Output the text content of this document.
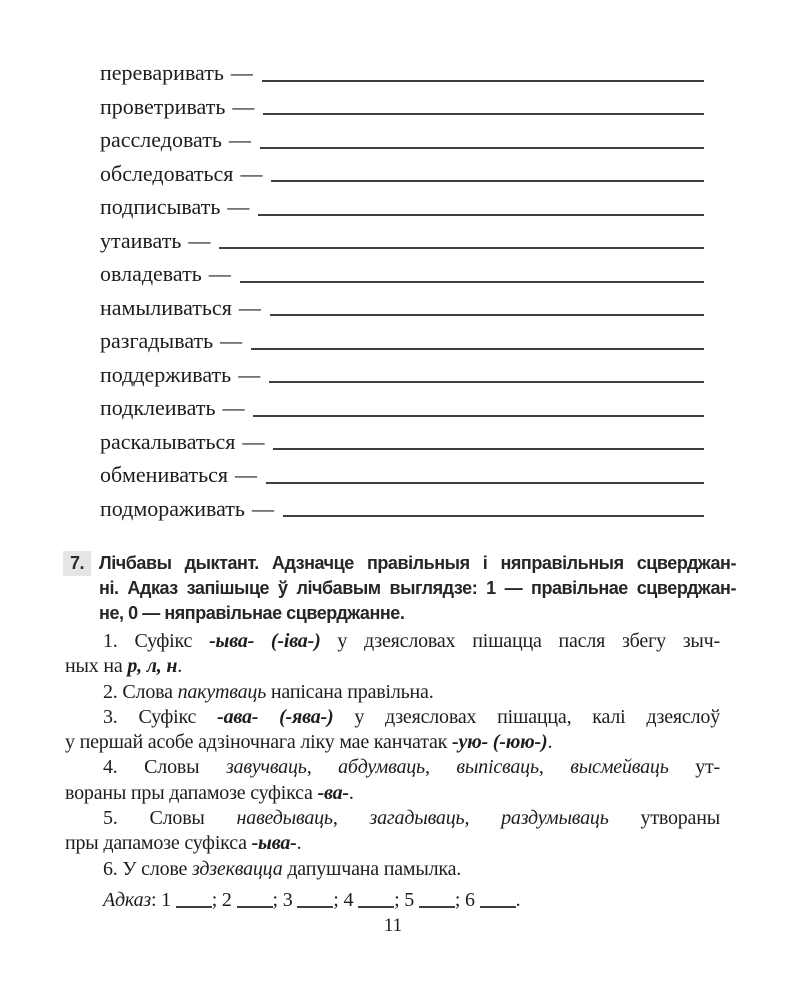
переваривать —
проветривать —
расследовать —
обследоваться —
подписывать —
утаивать —
овладевать —
намыливаться —
разгадывать —
поддерживать —
подклеивать —
раскалываться —
обмениваться —
подмораживать —
7. Лічбавы дыктант. Адзначце правільныя і няправільныя сцверджан-
ні. Адказ запішыце ў лічбавым выглядзе: 1 — правільнае сцверджан-
не, 0 — няправільнае сцверджанне.
1. Суфікс -ыва- (-іва-) у дзеясловах пішацца пасля збегу зыч-
ных на р, л, н.
2. Слова пакутваць напісана правільна.
3. Суфікс -ава- (-ява-) у дзеясловах пішацца, калі дзеяслоў
у першай асобе адзіночнага ліку мае канчатак -ую- (-юю-).
4. Словы завучваць, абдумваць, выпісваць, высмейваць ут-
вораны пры дапамозе суфікса -ва-.
5. Словы наведываць, загадываць, раздумываць утвораны
пры дапамозе суфікса -ыва-.
6. У слове здзеквацца дапушчана памылка.
Адказ: 1 ; 2 ; 3 ; 4 ; 5 ; 6 .
11
